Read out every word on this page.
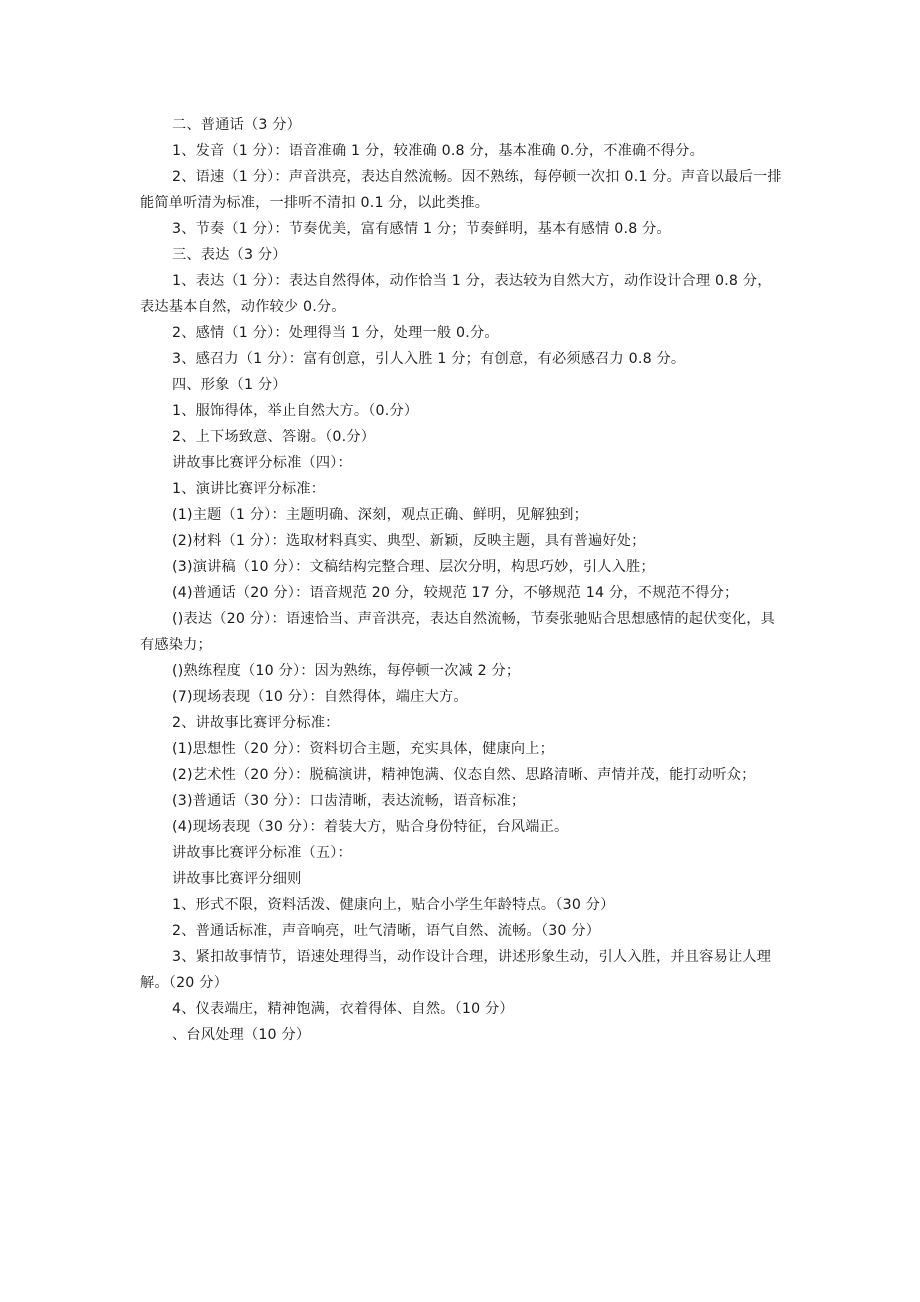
二、普通话（3 分）

1、发音（1 分）：语音准确 1 分，较准确 0.8 分，基本准确 0.分，不准确不得分。

2、语速（1 分）：声音洪亮，表达自然流畅。因不熟练，每停顿一次扣 0.1 分。声音以最后一排能简单听清为标准，一排听不清扣 0.1 分，以此类推。

3、节奏（1 分）：节奏优美，富有感情 1 分；节奏鲜明，基本有感情 0.8 分。

三、表达（3 分）

1、表达（1 分）：表达自然得体，动作恰当 1 分，表达较为自然大方，动作设计合理 0.8 分，表达基本自然，动作较少 0.分。

2、感情（1 分）：处理得当 1 分，处理一般 0.分。

3、感召力（1 分）：富有创意，引人入胜 1 分；有创意，有必须感召力 0.8 分。

四、形象（1 分）

1、服饰得体，举止自然大方。（0.分）

2、上下场致意、答谢。（0.分）

讲故事比赛评分标准（四）：

1、演讲比赛评分标准：

(1)主题（1 分）：主题明确、深刻，观点正确、鲜明，见解独到；

(2)材料（1 分）：选取材料真实、典型、新颖，反映主题，具有普遍好处；

(3)演讲稿（10 分）：文稿结构完整合理、层次分明，构思巧妙，引人入胜；

(4)普通话（20 分）：语音规范 20 分，较规范 17 分，不够规范 14 分，不规范不得分；

()表达（20 分）：语速恰当、声音洪亮，表达自然流畅，节奏张驰贴合思想感情的起伏变化，具有感染力；

()熟练程度（10 分）：因为熟练，每停顿一次减 2 分；

(7)现场表现（10 分）：自然得体，端庄大方。

2、讲故事比赛评分标准：

(1)思想性（20 分）：资料切合主题，充实具体，健康向上；

(2)艺术性（20 分）：脱稿演讲，精神饱满、仪态自然、思路清晰、声情并茂，能打动听众；

(3)普通话（30 分）：口齿清晰，表达流畅，语音标准；

(4)现场表现（30 分）：着装大方，贴合身份特征，台风端正。

讲故事比赛评分标准（五）：

讲故事比赛评分细则

1、形式不限，资料活泼、健康向上，贴合小学生年龄特点。（30 分）

2、普通话标准，声音响亮，吐气清晰，语气自然、流畅。（30 分）

3、紧扣故事情节，语速处理得当，动作设计合理，讲述形象生动，引人入胜，并且容易让人理解。（20 分）

4、仪表端庄，精神饱满，衣着得体、自然。（10 分）

、台风处理（10 分）
